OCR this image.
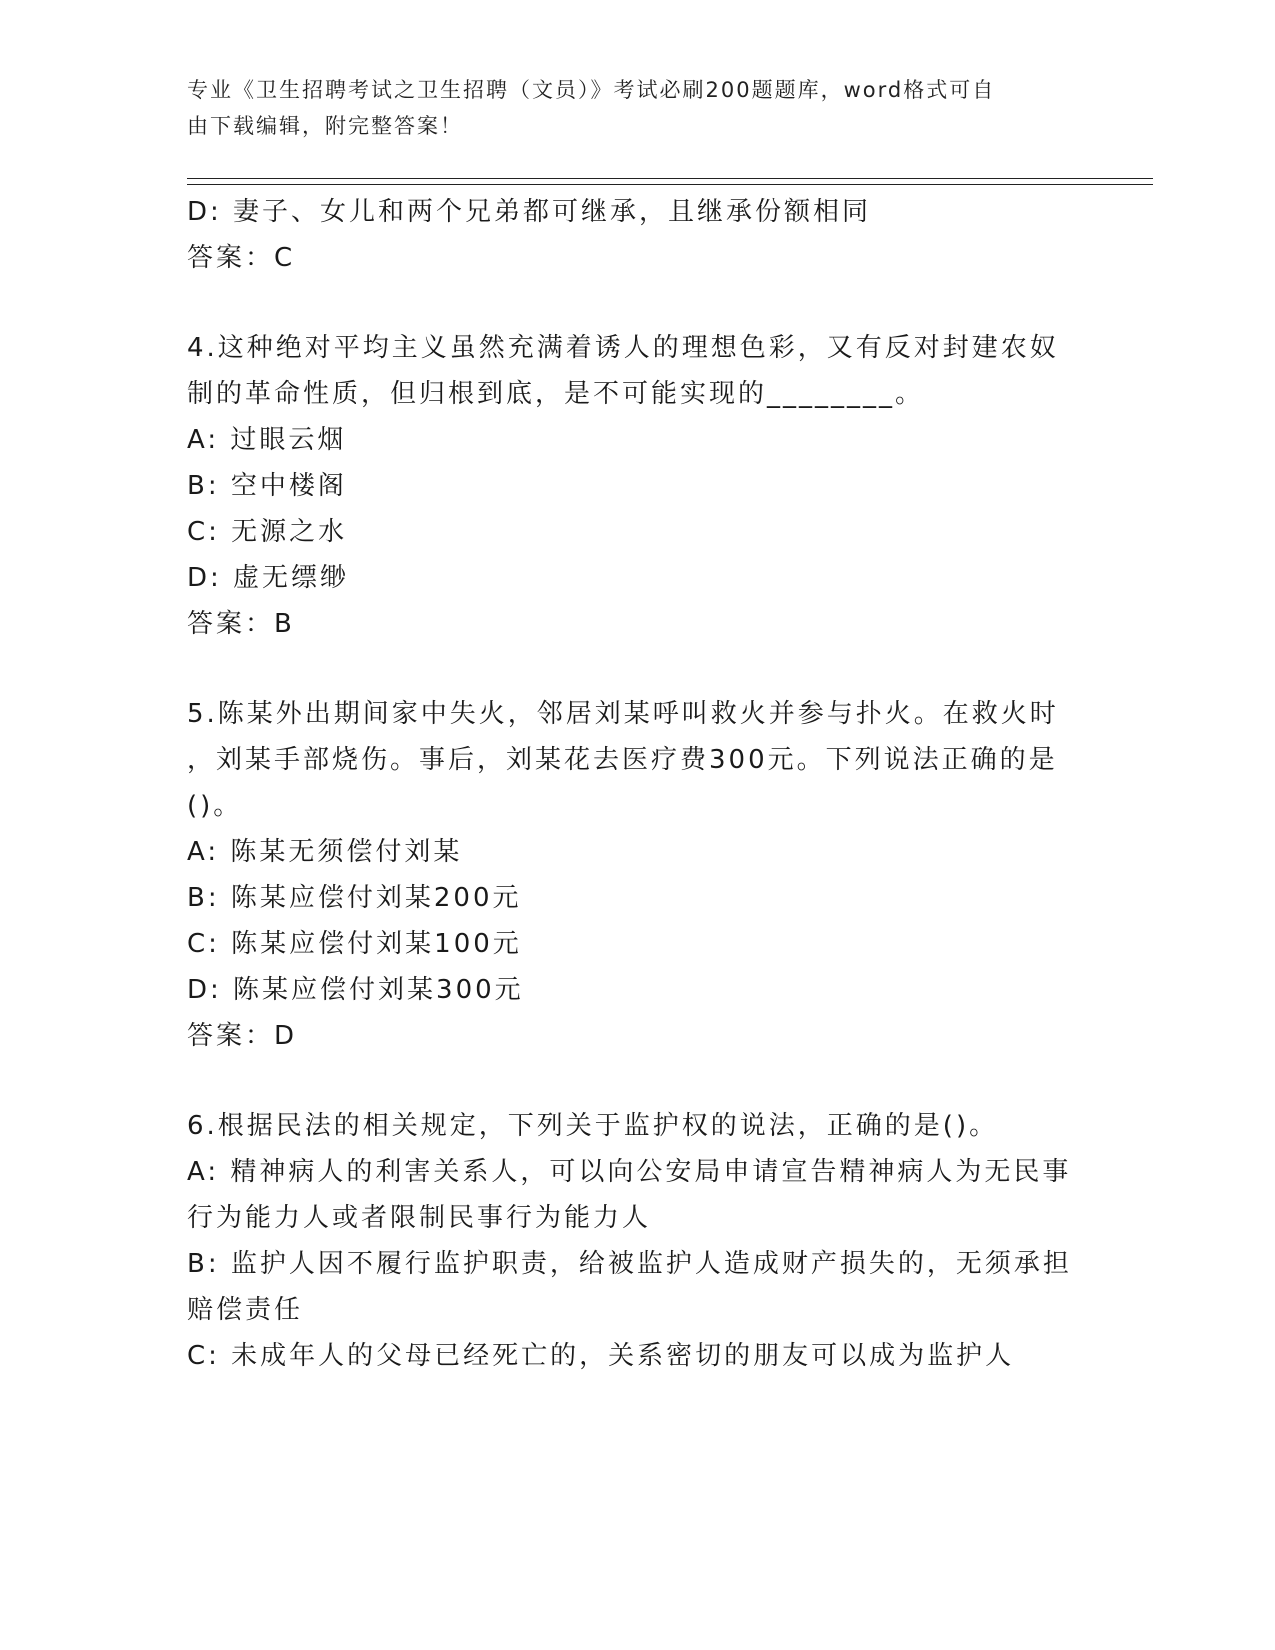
专业《卫生招聘考试之卫生招聘（文员）》考试必刷200题题库，word格式可自
由下载编辑，附完整答案！
D: 妻子、女儿和两个兄弟都可继承，且继承份额相同
答案：C
4.这种绝对平均主义虽然充满着诱人的理想色彩，又有反对封建农奴
制的革命性质，但归根到底，是不可能实现的________。
A: 过眼云烟
B: 空中楼阁
C: 无源之水
D: 虚无缥缈
答案：B
5.陈某外出期间家中失火，邻居刘某呼叫救火并参与扑火。在救火时
，刘某手部烧伤。事后，刘某花去医疗费300元。下列说法正确的是
()。
A: 陈某无须偿付刘某
B: 陈某应偿付刘某200元
C: 陈某应偿付刘某100元
D: 陈某应偿付刘某300元
答案：D
6.根据民法的相关规定，下列关于监护权的说法，正确的是()。
A: 精神病人的利害关系人，可以向公安局申请宣告精神病人为无民事
行为能力人或者限制民事行为能力人
B: 监护人因不履行监护职责，给被监护人造成财产损失的，无须承担
赔偿责任
C: 未成年人的父母已经死亡的，关系密切的朋友可以成为监护人
